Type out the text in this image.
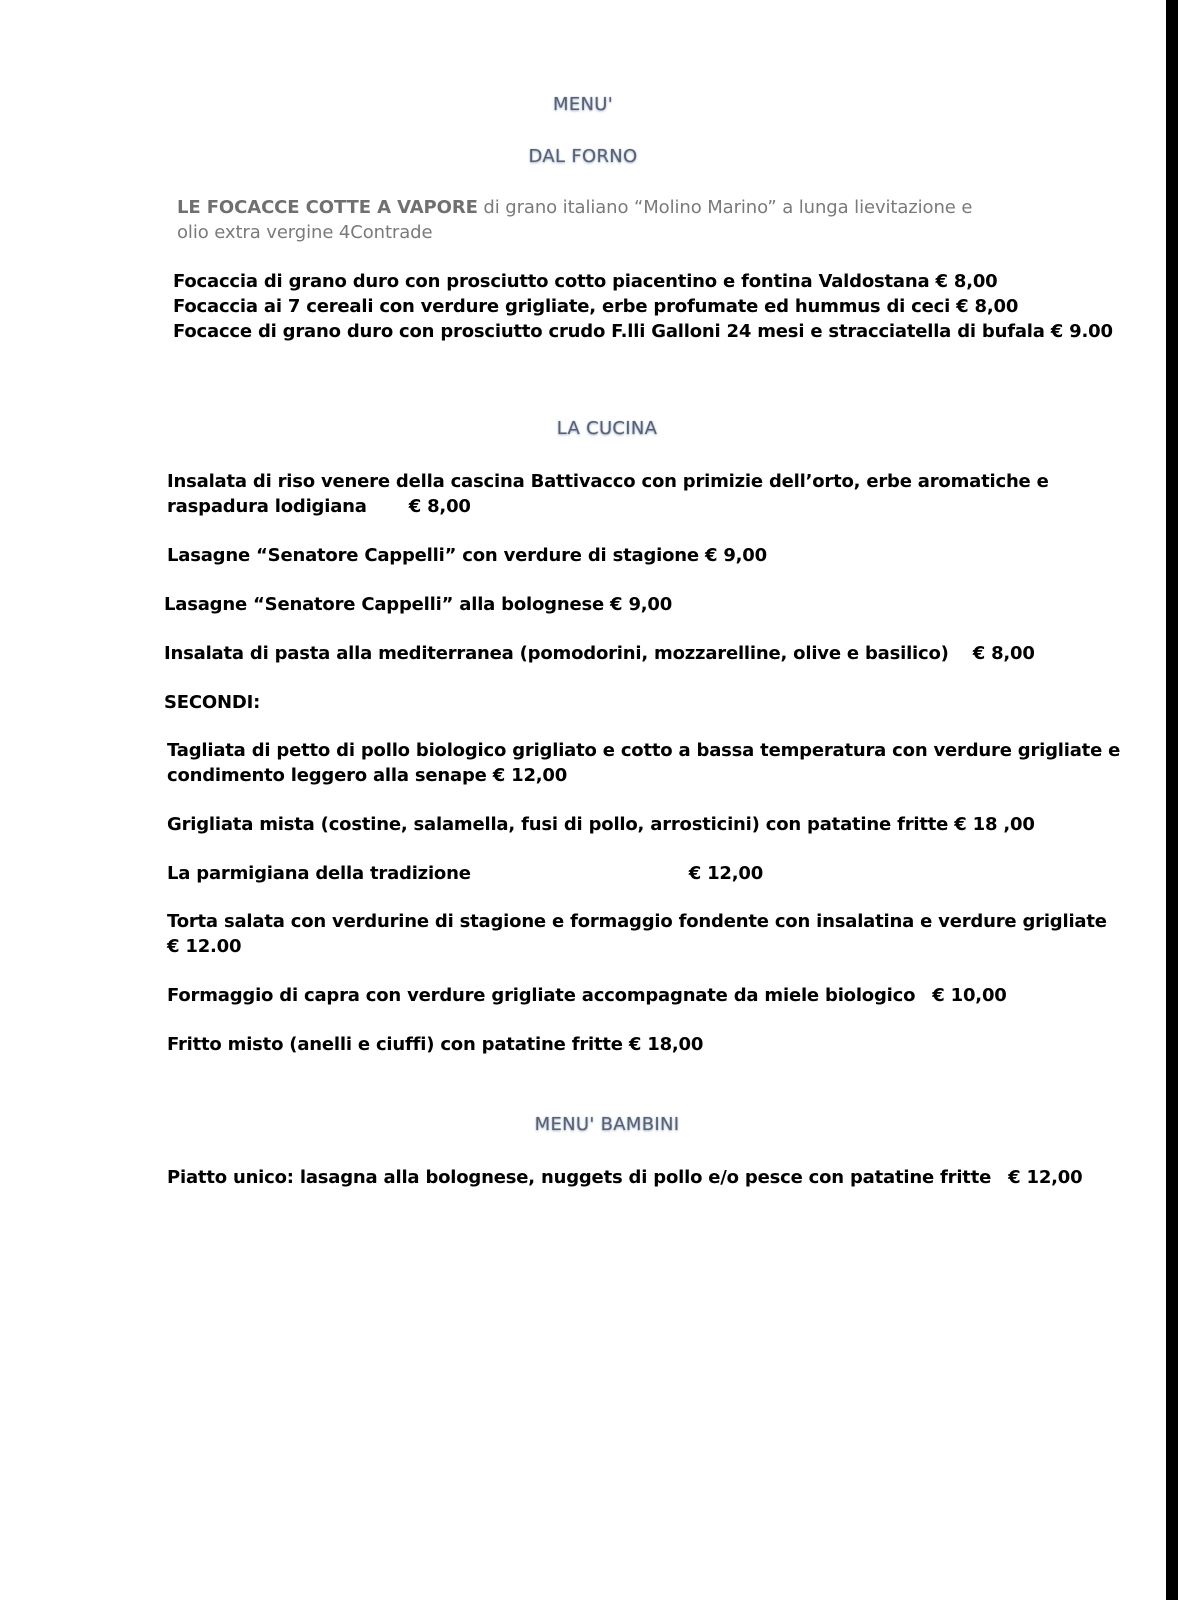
MENU'
DAL FORNO
LE FOCACCE COTTE A VAPORE di grano italiano “Molino Marino” a lunga lievitazione e
olio extra vergine 4Contrade
Focaccia di grano duro con prosciutto cotto piacentino e fontina Valdostana € 8,00
Focaccia ai 7 cereali con verdure grigliate, erbe profumate ed hummus di ceci € 8,00
Focacce di grano duro con prosciutto crudo F.lli Galloni 24 mesi e stracciatella di bufala € 9.00
LA CUCINA
Insalata di riso venere della cascina Battivacco con primizie dell’orto, erbe aromatiche e
raspadura lodigiana € 8,00
Lasagne “Senatore Cappelli” con verdure di stagione € 9,00
Lasagne “Senatore Cappelli” alla bolognese € 9,00
Insalata di pasta alla mediterranea (pomodorini, mozzarelline, olive e basilico) € 8,00
SECONDI:
Tagliata di petto di pollo biologico grigliato e cotto a bassa temperatura con verdure grigliate e
condimento leggero alla senape € 12,00
Grigliata mista (costine, salamella, fusi di pollo, arrosticini) con patatine fritte € 18 ,00
La parmigiana della tradizione	€ 12,00
Torta salata con verdurine di stagione e formaggio fondente con insalatina e verdure grigliate
€ 12.00
Formaggio di capra con verdure grigliate accompagnate da miele biologico € 10,00
Fritto misto (anelli e ciuffi) con patatine fritte € 18,00
MENU' BAMBINI
Piatto unico: lasagna alla bolognese, nuggets di pollo e/o pesce con patatine fritte € 12,00
